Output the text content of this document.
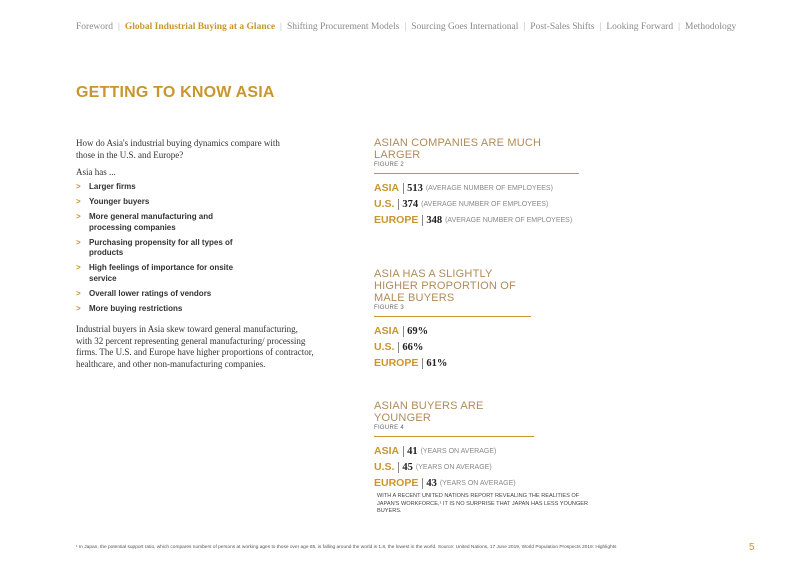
Foreword | Global Industrial Buying at a Glance | Shifting Procurement Models | Sourcing Goes International | Post-Sales Shifts | Looking Forward | Methodology
GETTING TO KNOW ASIA
How do Asia's industrial buying dynamics compare with those in the U.S. and Europe?
Asia has ...
> Larger firms
> Younger buyers
> More general manufacturing and processing companies
> Purchasing propensity for all types of products
> High feelings of importance for onsite service
> Overall lower ratings of vendors
> More buying restrictions
Industrial buyers in Asia skew toward general manufacturing, with 32 percent representing general manufacturing/ processing firms. The U.S. and Europe have higher proportions of contractor, healthcare, and other non-manufacturing companies.
ASIAN COMPANIES ARE MUCH LARGER
FIGURE 2
ASIA 513 (AVERAGE NUMBER OF EMPLOYEES)
U.S. 374 (AVERAGE NUMBER OF EMPLOYEES)
EUROPE 348 (AVERAGE NUMBER OF EMPLOYEES)
ASIA HAS A SLIGHTLY HIGHER PROPORTION OF MALE BUYERS
FIGURE 3
ASIA 69%
U.S. 66%
EUROPE 61%
ASIAN BUYERS ARE YOUNGER
FIGURE 4
ASIA 41 (YEARS ON AVERAGE)
U.S. 45 (YEARS ON AVERAGE)
EUROPE 43 (YEARS ON AVERAGE)
WITH A RECENT UNITED NATIONS REPORT REVEALING THE REALITIES OF JAPAN'S WORKFORCE,¹ IT IS NO SURPRISE THAT JAPAN HAS LESS YOUNGER BUYERS.
¹ In Japan, the potential support ratio, which compares numbers of persons at working ages to those over age 65, is falling around the world is 1.8, the lowest in the world. Source: United Nations, 17 June 2019, World Population Prospects 2019: Highlights	5
